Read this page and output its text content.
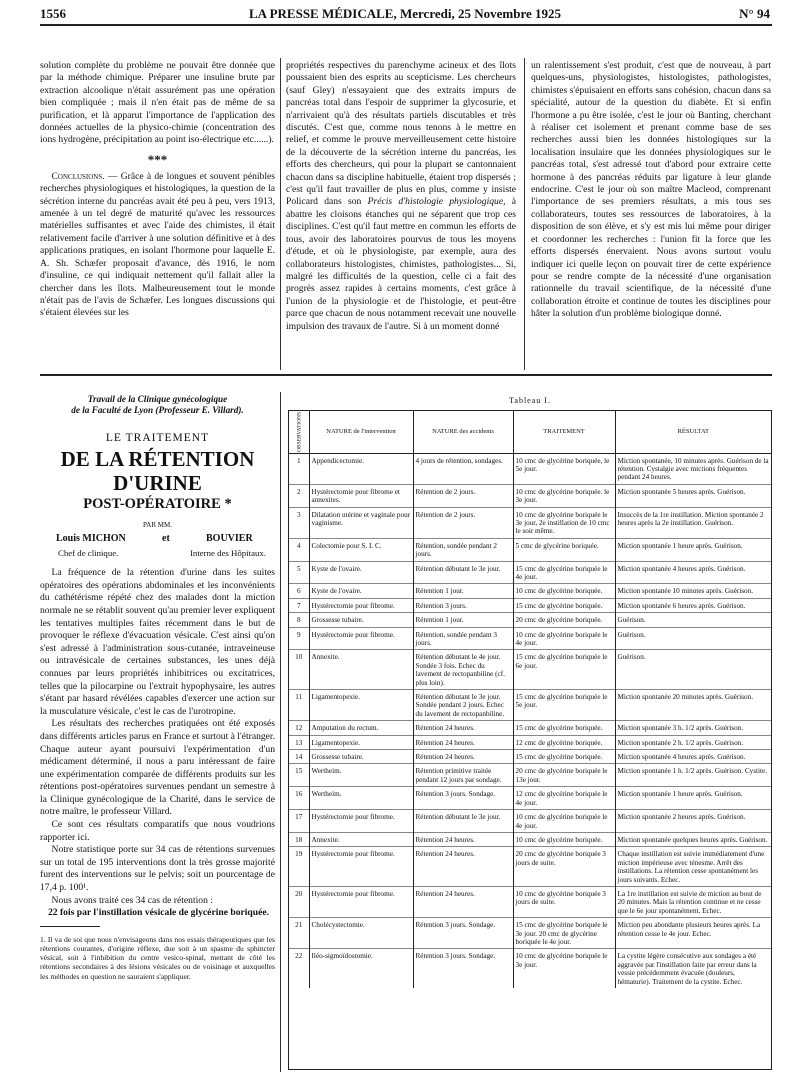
1556	LA PRESSE MÉDICALE, Mercredi, 25 Novembre 1925	N° 94

solution complète du problème ne pouvait être donnée que par la méthode chimique. Préparer une insuline brute par extraction alcoolique n'était assurément pas une opération bien compliquée ; mais il n'en était pas de même de sa purification, et là apparut l'importance de l'application des données actuelles de la physico-chimie (concentration des ions hydrogène, précipitation au point iso-électrique etc......).

***

Conclusions. — Grâce à de longues et souvent pénibles recherches physiologiques et histologiques, la question de la sécrétion interne du pancréas avait été peu à peu, vers 1913, amenée à un tel degré de maturité qu'avec les ressources matérielles suffisantes et avec l'aide des chimistes, il était relativement facile d'arriver à une solution définitive et à des applications pratiques, en isolant l'hormone pour laquelle E. A. Sh. Schæfer proposait d'avance, dès 1916, le nom d'insuline, ce qui indiquait nettement qu'il fallait aller la chercher dans les îlots. Malheureusement tout le monde n'était pas de l'avis de Schæfer. Les longues discussions qui s'étaient élevées sur les

propriétés respectives du parenchyme acineux et des îlots poussaient bien des esprits au scepticisme. Les chercheurs (sauf Gley) n'essayaient que des extraits impurs de pancréas total dans l'espoir de supprimer la glycosurie, et n'arrivaient qu'à des résultats partiels discutables et très discutés. C'est que, comme nous tenons à le mettre en relief, et comme le prouve merveilleusement cette histoire de la découverte de la sécrétion interne du pancréas, les efforts des chercheurs, qui pour la plupart se cantonnaient chacun dans sa discipline habituelle, étaient trop dispersés ; c'est qu'il faut travailler de plus en plus, comme y insiste Policard dans son Précis d'histologie physiologique, à abattre les cloisons étanches qui ne séparent que trop ces disciplines. C'est qu'il faut mettre en commun les efforts de tous, avoir des laboratoires pourvus de tous les moyens d'étude, et où le physiologiste, par exemple, aura des collaborateurs histologistes, chimistes, pathologistes... Si, malgré les difficultés de la question, celle ci a fait des progrès assez rapides à certains moments, c'est grâce à l'union de la physiologie et de l'histologie, et peut-être parce que chacun de nous notamment recevait une nouvelle impulsion des travaux de l'autre. Si à un moment donné

un ralentissement s'est produit, c'est que de nouveau, à part quelques-uns, physiologistes, histologistes, pathologistes, chimistes s'épuisaient en efforts sans cohésion, chacun dans sa spécialité, autour de la question du diabète. Et si enfin l'hormone a pu être isolée, c'est le jour où Banting, cherchant à réaliser cet isolement et prenant comme base de ses recherches aussi bien les données histologiques sur la localisation insulaire que les données physiologiques sur le pancréas total, s'est adressé tout d'abord pour extraire cette hormone à des pancréas réduits par ligature à leur glande endocrine. C'est le jour où son maître Macleod, comprenant l'importance de ses premiers résultats, a mis tous ses collaborateurs, toutes ses ressources de laboratoires, à la disposition de son élève, et s'y est mis lui même pour diriger et coordonner les recherches : l'union fit la force que les efforts dispersés énervaient. Nous avons surtout voulu indiquer ici quelle leçon on pouvait tirer de cette expérience pour se rendre compte de la nécessité d'une organisation rationnelle du travail scientifique, de la nécessité d'une collaboration étroite et continue de toutes les disciplines pour hâter la solution d'un problème biologique donné.

Travail de la Clinique gynécologique
de la Faculté de Lyon (Professeur E. Villard).
LE TRAITEMENT
DE LA RÉTENTION D'URINE
POST-OPÉRATOIRE *
PAR MM.
Louis MICHON	et	BOUVIER
Chef de clinique.	Interne des Hôpitaux.

La fréquence de la rétention d'urine dans les suites opératoires des opérations abdominales et les inconvénients du cathétérisme répété chez des malades dont la miction normale ne se rétablit souvent qu'au premier lever expliquent les tentatives multiples faites récemment dans le but de provoquer le réflexe d'évacuation vésicale. C'est ainsi qu'on s'est adressé à l'administration sous-cutanée, intraveineuse ou intravésicale de certaines substances, les unes déjà connues par leurs propriétés inhibitrices ou excitatrices, telles que la pilocarpine ou l'extrait hypophysaire, les autres s'étant par hasard révélées capables d'exercer une action sur la musculature vésicale, c'est le cas de l'urotropine.

Les résultats des recherches pratiquées ont été exposés dans différents articles parus en France et surtout à l'étranger. Chaque auteur ayant poursuivi l'expérimentation d'un médicament déterminé, il nous a paru intéressant de faire une expérimentation comparée de différents produits sur les rétentions post-opératoires survenues pendant un semestre à la Clinique gynécologique de la Charité, dans le service de notre maître, le professeur Villard.

Ce sont ces résultats comparatifs que nous voudrions rapporter ici.

Notre statistique porte sur 34 cas de rétentions survenues sur un total de 195 interventions dont la très grosse majorité furent des interventions sur le pelvis; soit un pourcentage de 17,4 p. 100¹.

Nous avons traité ces 34 cas de rétention :

22 fois par l'instillation vésicale de glycérine boriquée.

1. Il va de soi que nous n'envisageons dans nos essais thérapeutiques que les rétentions courantes, d'origine réflexe, due soit à un spasme du sphincter vésical, soit à l'inhibition du centre vesico-spinal, mettant de côté les rétentions secondaires à des lésions vésicales ou de voisinage et auxquelles les méthodes en question ne sauraient s'appliquer.
Tableau I.
OBSERVATIONS	NATURE de l'intervention	NATURE des accidents	TRAITEMENT	RÉSULTAT
1	Appendicectomie.	4 jours de rétention, sondages.	10 cmc de glycérine boriquée, le 5e jour.	Miction spontanée, 10 minutes après. Guérison de la rétention. Cystalgie avec mictions fréquentes pendant 24 heures.
2	Hystérectomie pour fibrome et annexites.	Rétention de 2 jours.	10 cmc de glycérine boriquée. le 3e jour.	Miction spontanée 5 heures après. Guérison.
3	Dilatation utérine et vaginale pour vaginisme.	Rétention de 2 jours.	10 cmc de glycérine boriquée le 3e jour, 2e instillation de 10 cmc le soir même.	Insuccès de la 1re instillation. Miction spontanée 2 heures après la 2e instillation. Guérison.
4	Colectomie pour S. I. C.	Rétention, sondée pendant 2 jours.	5 cmc de glycérine boriquée.	Miction spontanée 1 heure après. Guérison.
5	Kyste de l'ovaire.	Rétention débutant le 3e jour.	15 cmc de glycérine boriquée le 4e jour.	Miction spontanée 4 heures après. Guérison.
6	Kyste de l'ovaire.	Rétention 1 jour.	10 cmc de glycérine boriquée.	Miction spontanée 10 minutes après. Guérison.
7	Hystérectomie pour fibrome.	Rétention 3 jours.	15 cmc de glycérine boriquée.	Miction spontanée 6 heures après. Guérison.
8	Grossesse tubaire.	Rétention 1 jour.	20 cmc de glycérine boriquée.	Guérison.
9	Hystérectomie pour fibrome.	Rétention, sondée pendant 3 jours.	10 cmc de glycérine boriquée le 4e jour.	Guérison.
10	Annexite.	Rétention débutant le 4e jour. Sondée 3 fois. Echec du lavement de rectopanbiline (cf. plus loin).	15 cmc de glycérine boriquée le 6e jour.	Guérison.
11	Ligamentopexie.	Rétention débutant le 3e jour. Sondée pendant 2 jours. Echec du lavement de rectopanbiline.	15 cmc de glycérine boriquée le 5e jour.	Miction spontanée 20 minutes après. Guérison.
12	Amputation du rectum.	Rétention 24 heures.	15 cmc de glycérine boriquée.	Miction spontanée 3 h. 1/2 après. Guérison.
13	Ligamentopexie.	Rétention 24 heures.	12 cmc de glycérine boriquée.	Miction spontanée 2 h. 1/2 après. Guérison.
14	Grossesse tubaire.	Rétention 24 heures.	15 cmc de glycérine boriquée.	Miction spontanée 4 heures après. Guérison.
15	Wertheim.	Rétention primitive traitée pendant 12 jours par sondage.	20 cmc de glycérine boriquée le 13e jour.	Miction spontanée 1 h. 1/2 après. Guérison. Cystite.
16	Wertheim.	Rétention 3 jours. Sondage.	12 cmc de glycérine boriquée le 4e jour.	Miction spontanée 1 heure après. Guérison.
17	Hystérectomie pour fibrome.	Rétention débutant le 3e jour.	10 cmc de glycérine boriquée le 4e jour.	Miction spontanée 2 heures après. Guérison.
18	Annexite.	Rétention 24 heures.	10 cmc de glycérine boriquée.	Miction spontanée quelques heures après. Guérison.
19	Hystérectomie pour fibrome.	Rétention 24 heures.	20 cmc de glycérine boriquée 3 jours de suite.	Chaque instillation est suivie immédiatement d'une miction impérieuse avec ténesme. Arrêt des instillations. La rétention cesse spontanément les jours suivants. Echec.
20	Hystérectomie pour fibrome.	Rétention 24 heures.	10 cmc de glycérine boriquée 3 jours de suite.	La 1re instillation est suivie de miction au bout de 20 minutes. Mais la rétention continue et ne cesse que le 6e jour spontanément. Echec.
21	Cholécystectomie.	Rétention 3 jours. Sondage.	15 cmc de glycérine boriquée le 3e jour. 20 cmc de glycérine boriquée le 4e jour.	Miction peu abondante plusieurs heures après. La rétention cesse le 4e jour. Echec.
22	Iléo-sigmoïdostomie.	Rétention 3 jours. Sondage.	10 cmc de glycérine boriquée le 3e jour.	La cystite légère consécutive aux sondages a été aggravée par l'instillation faite par erreur dans la vessie précédemment évacuée (douleurs, hématurie). Traitement de la cystite. Echec.
